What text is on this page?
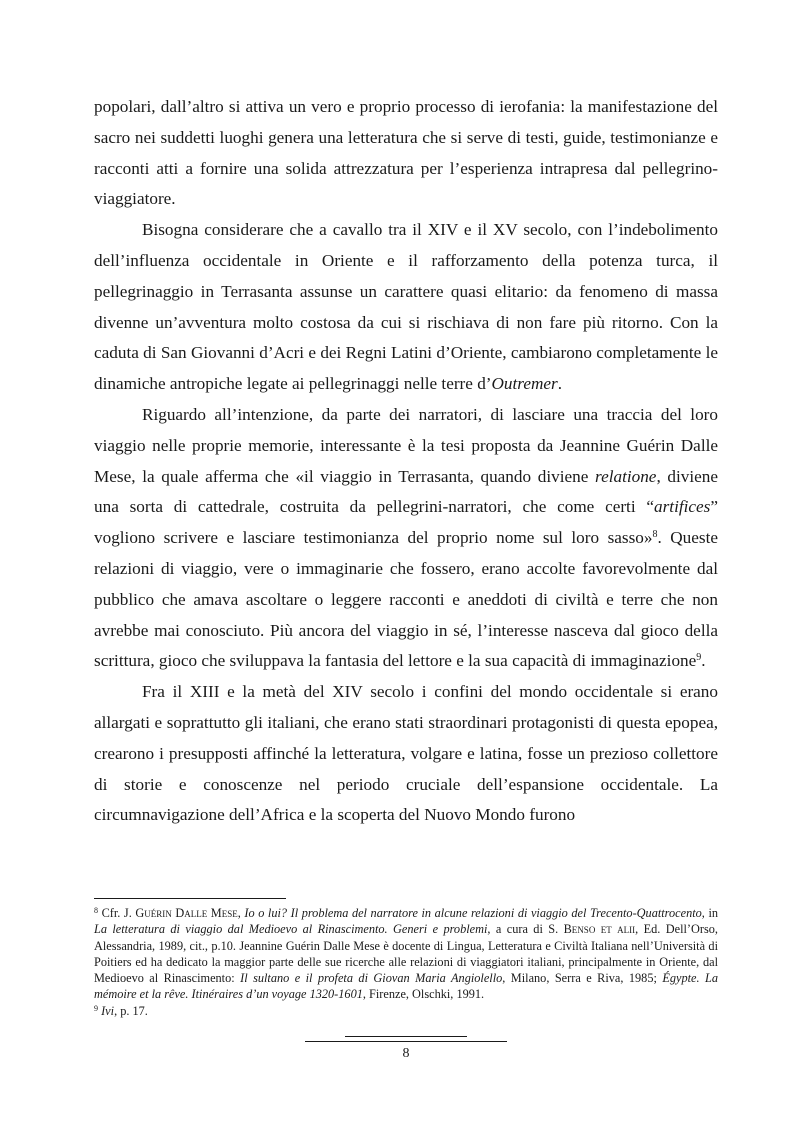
popolari, dall’altro si attiva un vero e proprio processo di ierofania: la manifestazione del sacro nei suddetti luoghi genera una letteratura che si serve di testi, guide, testimonianze e racconti atti a fornire una solida attrezzatura per l’esperienza intrapresa dal pellegrino-viaggiatore.

Bisogna considerare che a cavallo tra il XIV e il XV secolo, con l’indebolimento dell’influenza occidentale in Oriente e il rafforzamento della potenza turca, il pellegrinaggio in Terrasanta assunse un carattere quasi elitario: da fenomeno di massa divenne un’avventura molto costosa da cui si rischiava di non fare più ritorno. Con la caduta di San Giovanni d’Acri e dei Regni Latini d’Oriente, cambiarono completamente le dinamiche antropiche legate ai pellegrinaggi nelle terre d’Outremer.

Riguardo all’intenzione, da parte dei narratori, di lasciare una traccia del loro viaggio nelle proprie memorie, interessante è la tesi proposta da Jeannine Guérin Dalle Mese, la quale afferma che «il viaggio in Terrasanta, quando diviene relatione, diviene una sorta di cattedrale, costruita da pellegrini-narratori, che come certi “artifices” vogliono scrivere e lasciare testimonianza del proprio nome sul loro sasso»$^8$. Queste relazioni di viaggio, vere o immaginarie che fossero, erano accolte favorevolmente dal pubblico che amava ascoltare o leggere racconti e aneddoti di civiltà e terre che non avrebbe mai conosciuto. Più ancora del viaggio in sé, l’interesse nasceva dal gioco della scrittura, gioco che sviluppava la fantasia del lettore e la sua capacità di immaginazione$^9$.

Fra il XIII e la metà del XIV secolo i confini del mondo occidentale si erano allargati e soprattutto gli italiani, che erano stati straordinari protagonisti di questa epopea, crearono i presupposti affinché la letteratura, volgare e latina, fosse un prezioso collettore di storie e conoscenze nel periodo cruciale dell’espansione occidentale. La circumnavigazione dell’Africa e la scoperta del Nuovo Mondo furono

$^8$ Cfr. J. Guérin Dalle Mese, Io o lui? Il problema del narratore in alcune relazioni di viaggio del Trecento-Quattrocento, in La letteratura di viaggio dal Medioevo al Rinascimento. Generi e problemi, a cura di S. Benso et alii, Ed. Dell’Orso, Alessandria, 1989, cit., p.10. Jeannine Guérin Dalle Mese è docente di Lingua, Letteratura e Civiltà Italiana nell’Università di Poitiers ed ha dedicato la maggior parte delle sue ricerche alle relazioni di viaggiatori italiani, principalmente in Oriente, dal Medioevo al Rinascimento: Il sultano e il profeta di Giovan Maria Angiolello, Milano, Serra e Riva, 1985; Égypte. La mémoire et la rêve. Itinéraires d’un voyage 1320-1601, Firenze, Olschki, 1991.

$^9$ Ivi, p. 17.

8
